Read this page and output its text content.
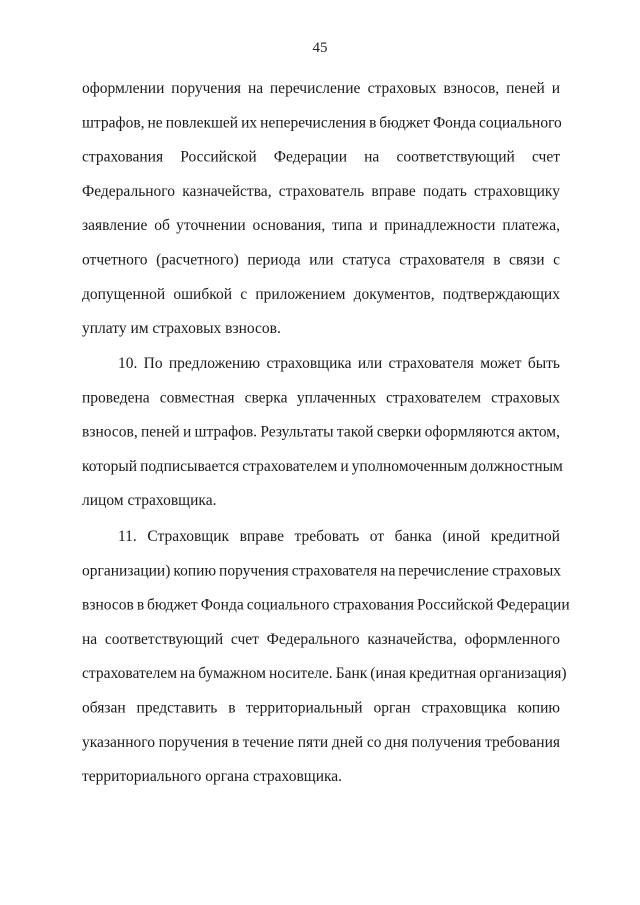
45
оформлении поручения на перечисление страховых взносов, пеней и
штрафов, не повлекшей их неперечисления в бюджет Фонда социального
страхования Российской Федерации на соответствующий счет
Федерального казначейства, страхователь вправе подать страховщику
заявление об уточнении основания, типа и принадлежности платежа,
отчетного (расчетного) периода или статуса страхователя в связи с
допущенной ошибкой с приложением документов, подтверждающих
уплату им страховых взносов.
10. По предложению страховщика или страхователя может быть
проведена совместная сверка уплаченных страхователем страховых
взносов, пеней и штрафов. Результаты такой сверки оформляются актом,
который подписывается страхователем и уполномоченным должностным
лицом страховщика.
11. Страховщик вправе требовать от банка (иной кредитной
организации) копию поручения страхователя на перечисление страховых
взносов в бюджет Фонда социального страхования Российской Федерации
на соответствующий счет Федерального казначейства, оформленного
страхователем на бумажном носителе. Банк (иная кредитная организация)
обязан представить в территориальный орган страховщика копию
указанного поручения в течение пяти дней со дня получения требования
территориального органа страховщика.
